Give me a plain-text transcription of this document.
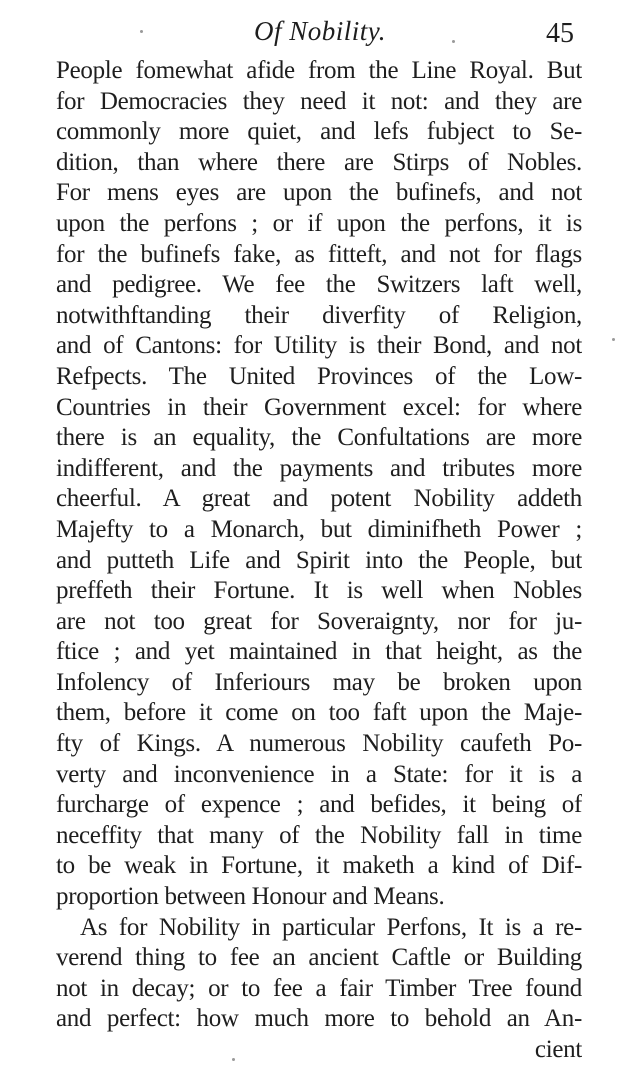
Of Nobility.	45
People fomewhat afide from the Line Royal. But
for Democracies they need it not: and they are
commonly more quiet, and lefs fubject to Se-
dition, than where there are Stirps of Nobles.
For mens eyes are upon the bufinefs, and not
upon the perfons ; or if upon the perfons, it is
for the bufinefs fake, as fitteft, and not for flags
and pedigree. We fee the Switzers laft well,
notwithftanding their diverfity of Religion,
and of Cantons: for Utility is their Bond, and not
Refpects. The United Provinces of the Low-
Countries in their Government excel: for where
there is an equality, the Confultations are more
indifferent, and the payments and tributes more
cheerful. A great and potent Nobility addeth
Majefty to a Monarch, but diminifheth Power ;
and putteth Life and Spirit into the People, but
preffeth their Fortune. It is well when Nobles
are not too great for Soveraignty, nor for ju-
ftice ; and yet maintained in that height, as the
Infolency of Inferiours may be broken upon
them, before it come on too faft upon the Maje-
fty of Kings. A numerous Nobility caufeth Po-
verty and inconvenience in a State: for it is a
furcharge of expence ; and befides, it being of
neceffity that many of the Nobility fall in time
to be weak in Fortune, it maketh a kind of Dif-
proportion between Honour and Means.
As for Nobility in particular Perfons, It is a re-
verend thing to fee an ancient Caftle or Building
not in decay; or to fee a fair Timber Tree found
and perfect: how much more to behold an An-
cient
